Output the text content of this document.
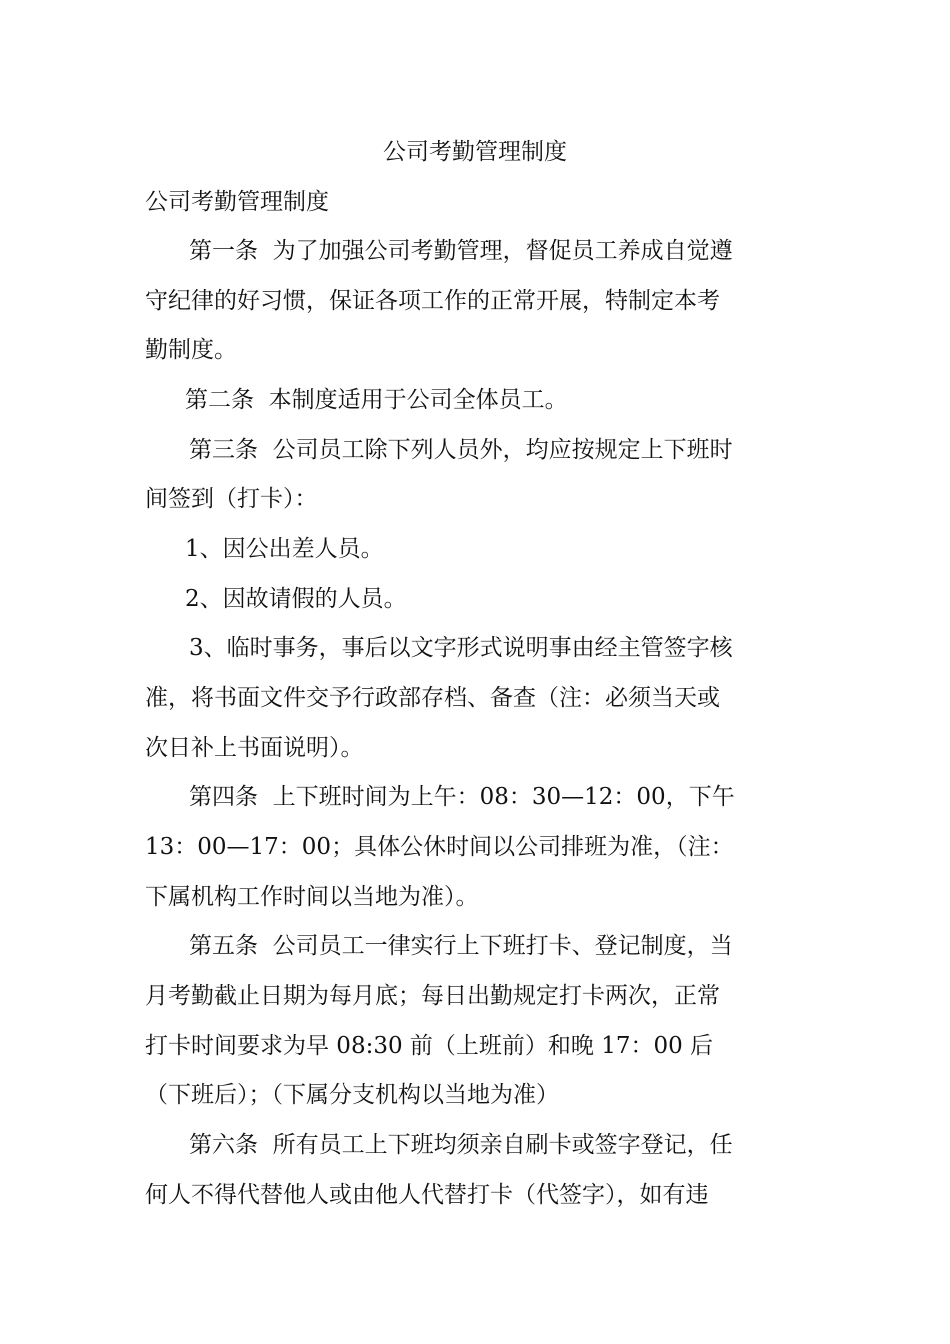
公司考勤管理制度
公司考勤管理制度
第一条  为了加强公司考勤管理，督促员工养成自觉遵
守纪律的好习惯，保证各项工作的正常开展，特制定本考
勤制度。
第二条  本制度适用于公司全体员工。
第三条  公司员工除下列人员外，均应按规定上下班时
间签到（打卡）：
1、因公出差人员。
2、因故请假的人员。
3、临时事务，事后以文字形式说明事由经主管签字核
准，将书面文件交予行政部存档、备查（注：必须当天或
次日补上书面说明）。
第四条  上下班时间为上午：08：30—12：00，下午
13：00—17：00；具体公休时间以公司排班为准，（注：
下属机构工作时间以当地为准）。
第五条  公司员工一律实行上下班打卡、登记制度，当
月考勤截止日期为每月底；每日出勤规定打卡两次，正常
打卡时间要求为早 08:30 前（上班前）和晚 17：00 后
（下班后）；（下属分支机构以当地为准）
第六条  所有员工上下班均须亲自刷卡或签字登记，任
何人不得代替他人或由他人代替打卡（代签字），如有违
